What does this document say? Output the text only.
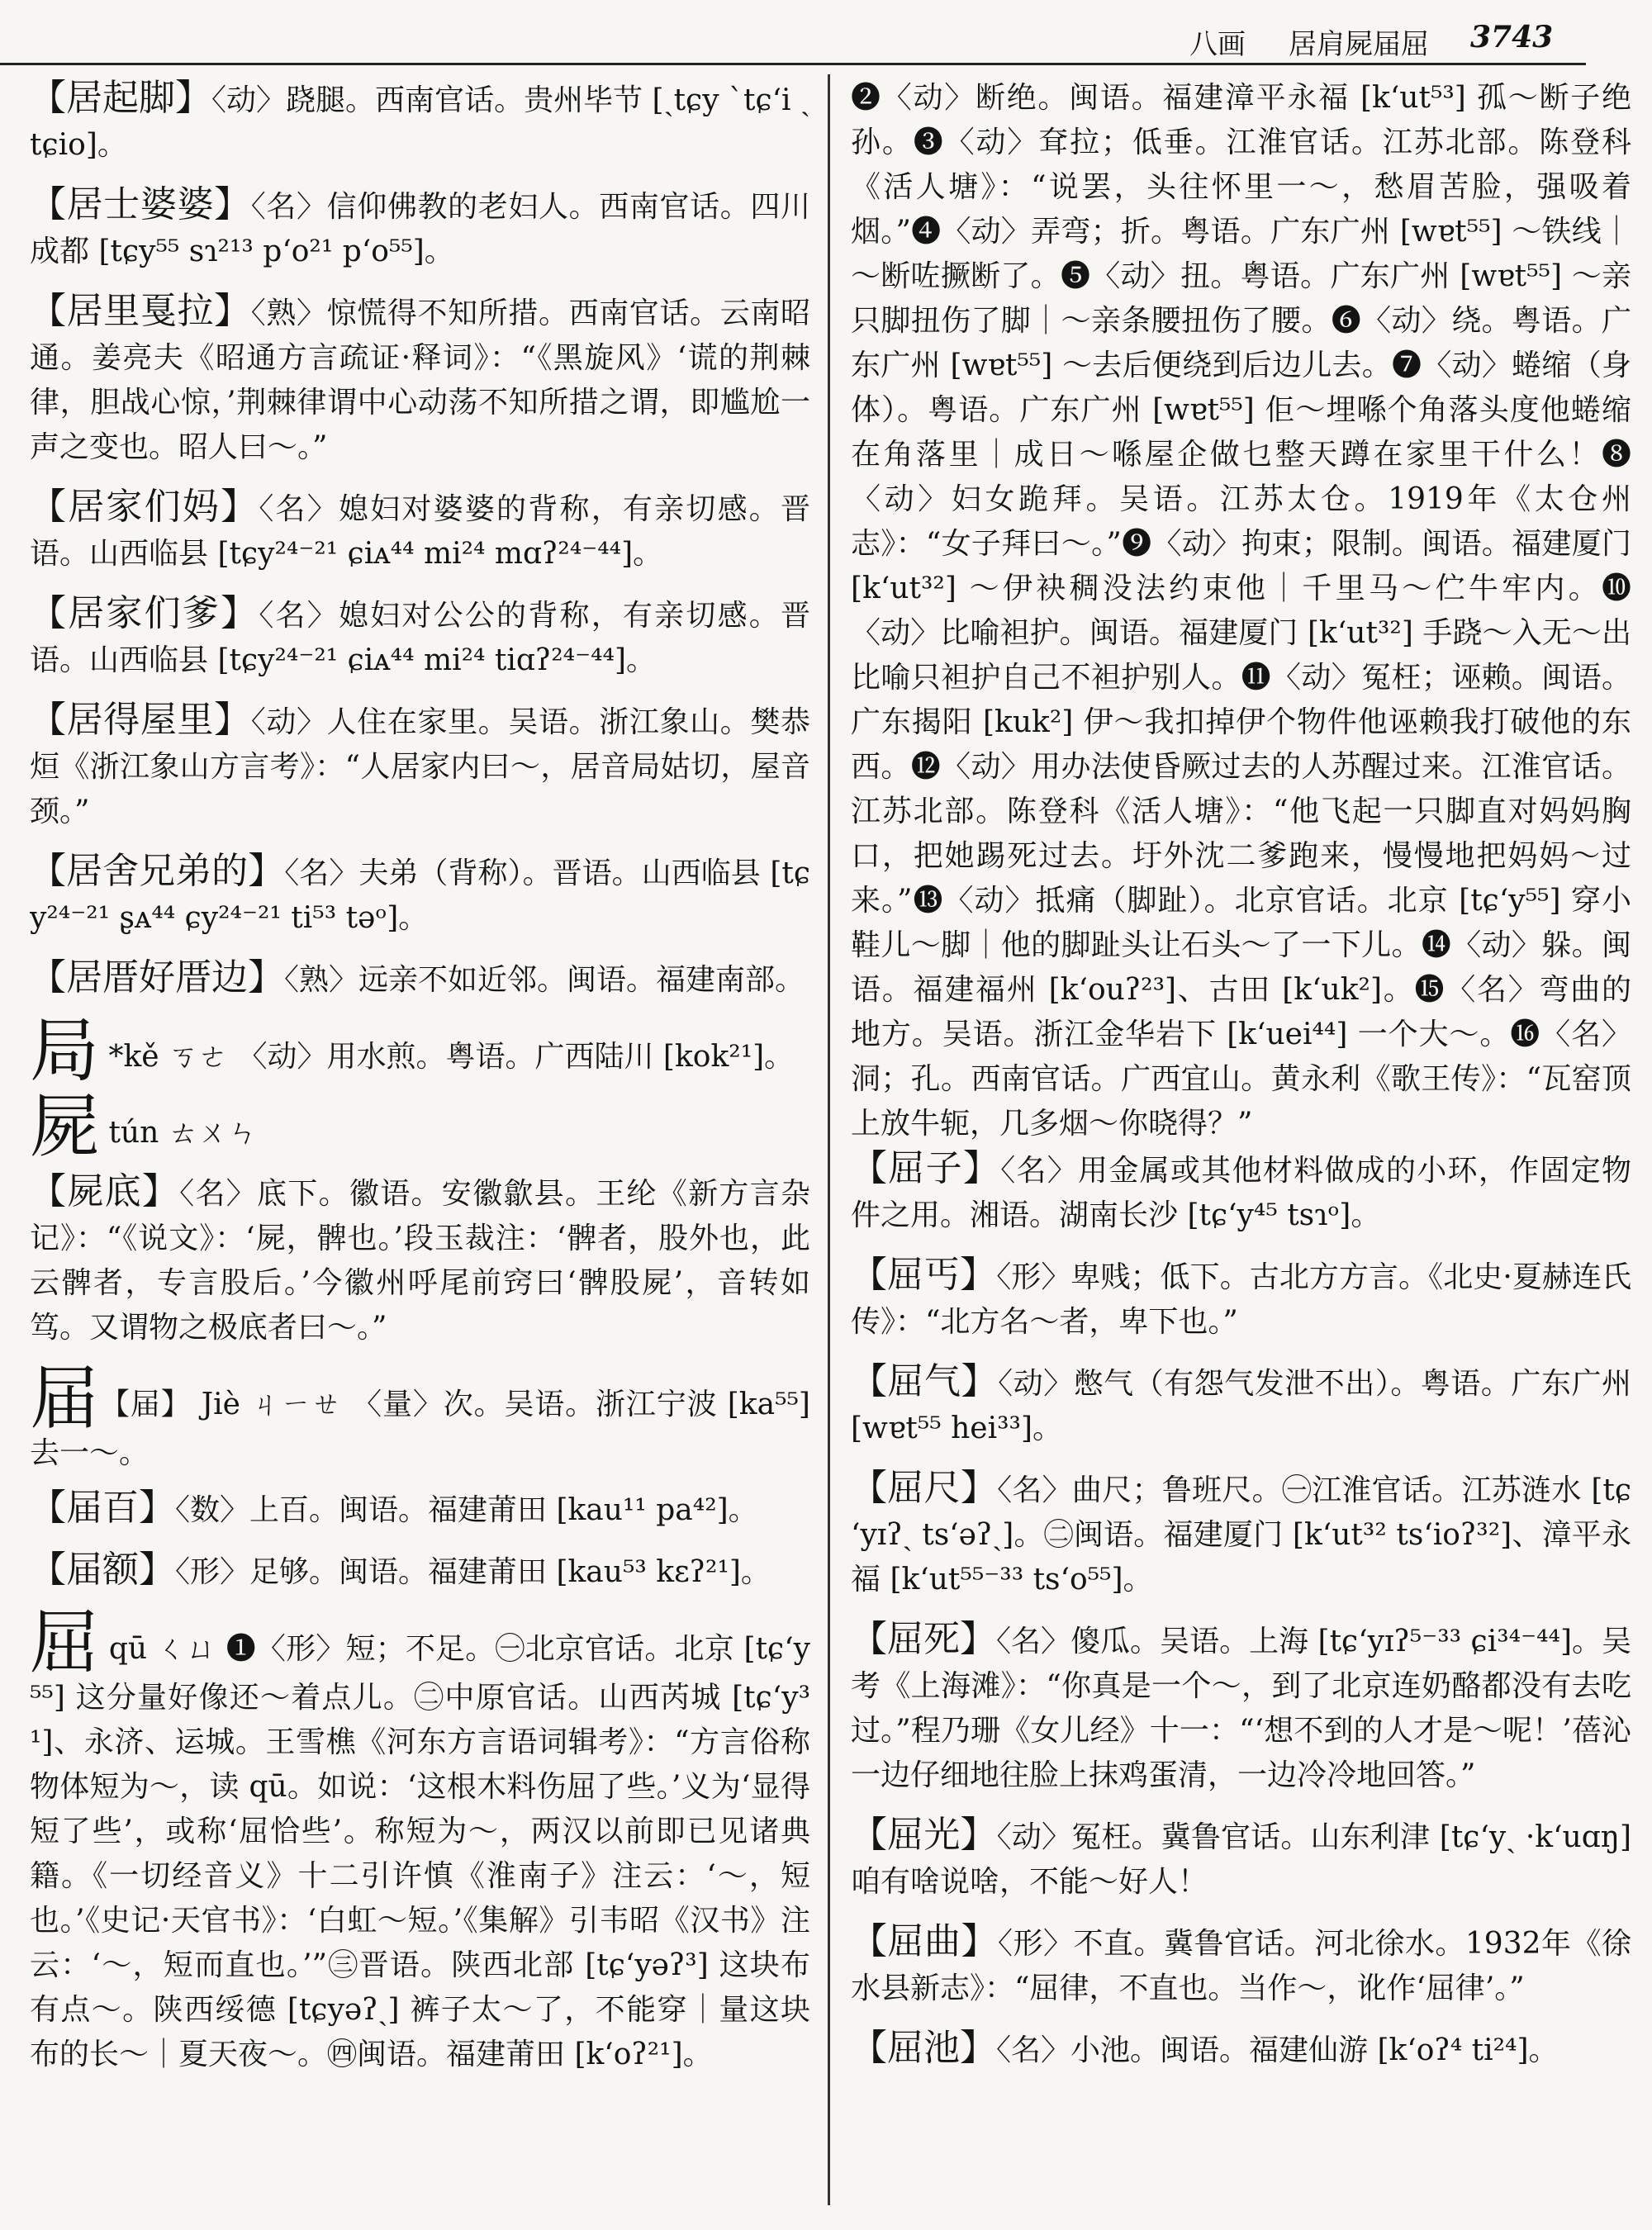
八画 居肩屍届屈 3743
【居起脚】〈动〉跷腿。西南官话。贵州毕节 [ˏtɕy ˋtɕʻi ˏtɕio]。
【居士婆婆】〈名〉信仰佛教的老妇人。西南官话。四川成都 [tɕy⁵⁵ sɿ²¹³ pʻo²¹ pʻo⁵⁵]。
【居里戛拉】〈熟〉惊慌得不知所措。西南官话。云南昭通。姜亮夫《昭通方言疏证·释词》：“《黑旋风》‘谎的荆棘律，胆战心惊，’荆棘律谓中心动荡不知所措之谓，即尴尬一声之变也。昭人曰～。”
【居家们妈】〈名〉媳妇对婆婆的背称，有亲切感。晋语。山西临县 [tɕy²⁴⁻²¹ ɕiᴀ⁴⁴ mi²⁴ mɑʔ²⁴⁻⁴⁴]。
【居家们爹】〈名〉媳妇对公公的背称，有亲切感。晋语。山西临县 [tɕy²⁴⁻²¹ ɕiᴀ⁴⁴ mi²⁴ tiɑʔ²⁴⁻⁴⁴]。
【居得屋里】〈动〉人住在家里。吴语。浙江象山。樊恭烜《浙江象山方言考》：“人居家内曰～，居音局姑切，屋音颈。”
【居舍兄弟的】〈名〉夫弟（背称）。晋语。山西临县 [tɕy²⁴⁻²¹ ʂᴀ⁴⁴ ɕy²⁴⁻²¹ ti⁵³ təᵒ]。
【居厝好厝边】〈熟〉远亲不如近邻。闽语。福建南部。
局 *kě ㄎㄜ 〈动〉用水煎。粤语。广西陆川 [kok²¹]。
屍 tún ㄊㄨㄣ
【屍底】〈名〉底下。徽语。安徽歙县。王纶《新方言杂记》：“《说文》：‘屍，髀也。’段玉裁注：‘髀者，股外也，此云髀者，专言股后。’今徽州呼尾前窍曰‘髀股屍’，音转如笃。又谓物之极底者曰～。”
届【届】 Jiè ㄐㄧㄝ 〈量〉次。吴语。浙江宁波 [ka⁵⁵] 去一～。
【届百】〈数〉上百。闽语。福建莆田 [kau¹¹ pa⁴²]。
【届额】〈形〉足够。闽语。福建莆田 [kau⁵³ kɛʔ²¹]。
屈 qū ㄑㄩ ❶〈形〉短；不足。㊀北京官话。北京 [tɕʻy⁵⁵] 这分量好像还～着点儿。㊁中原官话。山西芮城 [tɕʻy³¹]、永济、运城。王雪樵《河东方言语词辑考》：“方言俗称物体短为～，读 qū。如说：‘这根木料伤屈了些。’义为‘显得短了些’，或称‘屈恰些’。称短为～，两汉以前即已见诸典籍。《一切经音义》十二引许慎《淮南子》注云：‘～，短也。’《史记·天官书》：‘白虹～短。’《集解》引韦昭《汉书》注云：‘～，短而直也。’”㊂晋语。陕西北部 [tɕʻyəʔ³] 这块布有点～。陕西绥德 [tɕyəʔˏ] 裤子太～了，不能穿｜量这块布的长～｜夏天夜～。㊃闽语。福建莆田 [kʻoʔ²¹]。
❷〈动〉断绝。闽语。福建漳平永福 [kʻut⁵³] 孤～断子绝孙。❸〈动〉耷拉；低垂。江淮官话。江苏北部。陈登科《活人塘》：“说罢，头往怀里一～，愁眉苦脸，强吸着烟。”❹〈动〉弄弯；折。粤语。广东广州 [wɐt⁵⁵] ～铁线｜～断咗撅断了。❺〈动〉扭。粤语。广东广州 [wɐt⁵⁵] ～亲只脚扭伤了脚｜～亲条腰扭伤了腰。❻〈动〉绕。粤语。广东广州 [wɐt⁵⁵] ～去后便绕到后边儿去。❼〈动〉蜷缩（身体）。粤语。广东广州 [wɐt⁵⁵] 佢～埋喺个角落头度他蜷缩在角落里｜成日～喺屋企做乜整天蹲在家里干什么！❽〈动〉妇女跪拜。吴语。江苏太仓。1919年《太仓州志》：“女子拜曰～。”❾〈动〉拘束；限制。闽语。福建厦门 [kʻut³²] ～伊袂稠没法约束他｜千里马～伫牛牢内。❿〈动〉比喻袒护。闽语。福建厦门 [kʻut³²] 手跷～入无～出比喻只袒护自己不袒护别人。⓫〈动〉冤枉；诬赖。闽语。广东揭阳 [kuk²] 伊～我扣掉伊个物件他诬赖我打破他的东西。⓬〈动〉用办法使昏厥过去的人苏醒过来。江淮官话。江苏北部。陈登科《活人塘》：“他飞起一只脚直对妈妈胸口，把她踢死过去。圩外沈二爹跑来，慢慢地把妈妈～过来。”⓭〈动〉抵痛（脚趾）。北京官话。北京 [tɕʻy⁵⁵] 穿小鞋儿～脚｜他的脚趾头让石头～了一下儿。⓮〈动〉躲。闽语。福建福州 [kʻouʔ²³]、古田 [kʻuk²]。⓯〈名〉弯曲的地方。吴语。浙江金华岩下 [kʻuei⁴⁴] 一个大～。⓰〈名〉洞；孔。西南官话。广西宜山。黄永利《歌王传》：“瓦窑顶上放牛轭，几多烟～你晓得？”
【屈子】〈名〉用金属或其他材料做成的小环，作固定物件之用。湘语。湖南长沙 [tɕʻy⁴⁵ tsɿᵒ]。
【屈丐】〈形〉卑贱；低下。古北方方言。《北史·夏赫连氏传》：“北方名～者，卑下也。”
【屈气】〈动〉憋气（有怨气发泄不出）。粤语。广东广州 [wɐt⁵⁵ hei³³]。
【屈尺】〈名〉曲尺；鲁班尺。㊀江淮官话。江苏涟水 [tɕʻyɪʔˏ tsʻəʔˏ]。㊁闽语。福建厦门 [kʻut³² tsʻioʔ³²]、漳平永福 [kʻut⁵⁵⁻³³ tsʻo⁵⁵]。
【屈死】〈名〉傻瓜。吴语。上海 [tɕʻyɪʔ⁵⁻³³ ɕi³⁴⁻⁴⁴]。吴考《上海滩》：“你真是一个～，到了北京连奶酪都没有去吃过。”程乃珊《女儿经》十一：“‘想不到的人才是～呢！’蓓沁一边仔细地往脸上抹鸡蛋清，一边冷冷地回答。”
【屈光】〈动〉冤枉。冀鲁官话。山东利津 [tɕʻyˎ ·kʻuɑŋ] 咱有啥说啥，不能～好人！
【屈曲】〈形〉不直。冀鲁官话。河北徐水。1932年《徐水县新志》：“屈律，不直也。当作～，讹作‘屈律’。”
【屈池】〈名〉小池。闽语。福建仙游 [kʻoʔ⁴ ti²⁴]。
